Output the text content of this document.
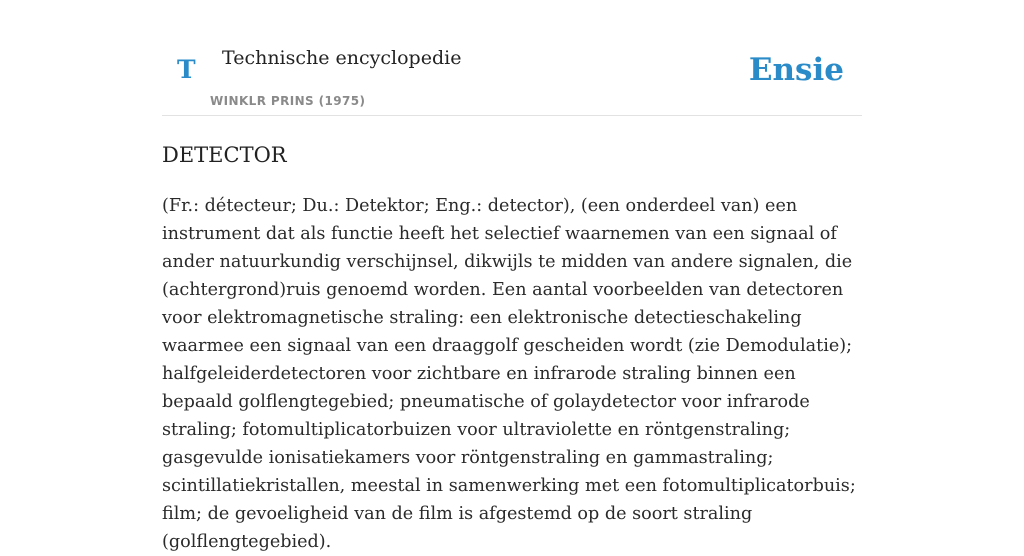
T Technische encyclopedie
WINKLR PRINS (1975)
Ensie
DETECTOR

(Fr.: détecteur; Du.: Detektor; Eng.: detector), (een onderdeel van) een instrument dat als functie heeft het selectief waarnemen van een signaal of ander natuurkundig verschijnsel, dikwijls te midden van andere signalen, die (achtergrond)ruis genoemd worden. Een aantal voorbeelden van detectoren voor elektromagnetische straling: een elektronische detectieschakeling waarmee een signaal van een draaggolf gescheiden wordt (zie Demodulatie); halfgeleiderdetectoren voor zichtbare en infrarode straling binnen een bepaald golflengtegebied; pneumatische of golaydetector voor infrarode straling; fotomultiplicatorbuizen voor ultraviolette en röntgenstraling; gasgevulde ionisatiekamers voor röntgenstraling en gammastraling; scintillatiekristallen, meestal in samenwerking met een fotomultiplicatorbuis; film; de gevoeligheid van de film is afgestemd op de soort straling (golflengtegebied).
